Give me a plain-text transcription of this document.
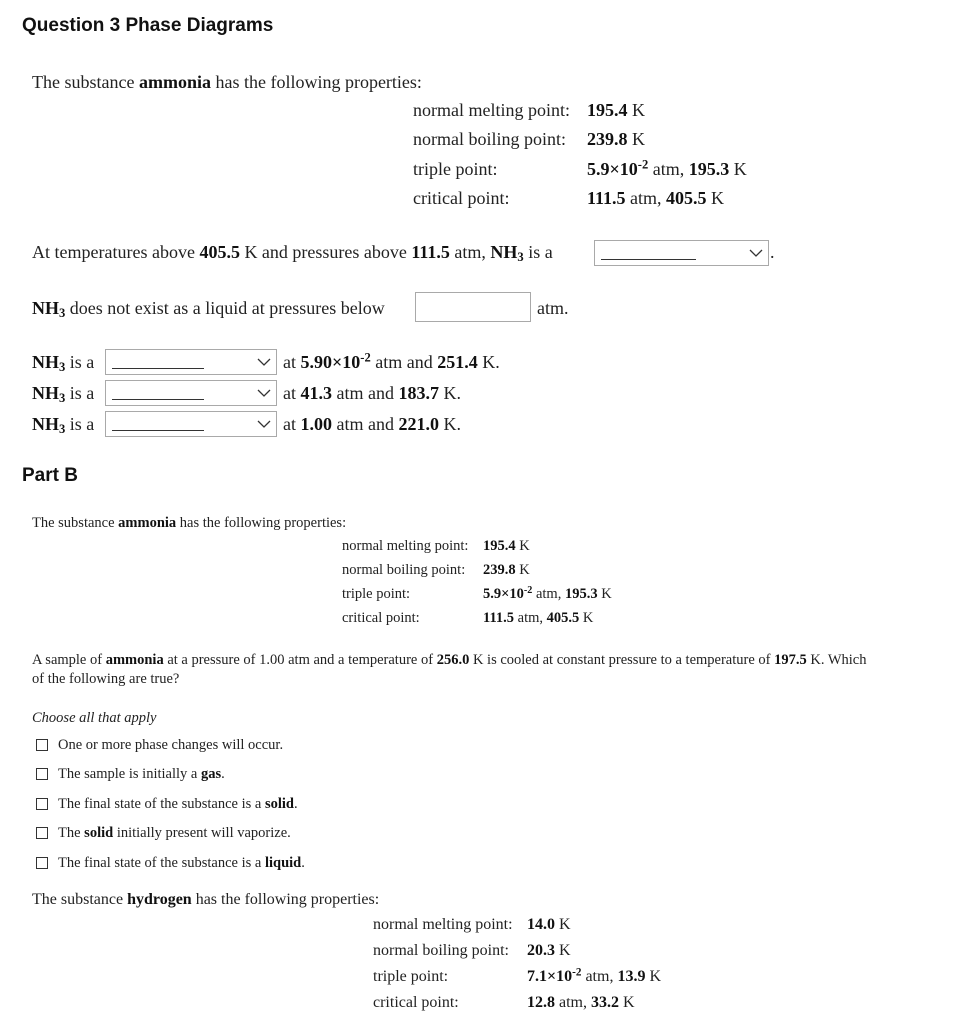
Question 3 Phase Diagrams
The substance ammonia has the following properties:
normal melting point: 195.4 K
normal boiling point: 239.8 K
triple point:	$5.9\times 10^{-2}$ atm, 195.3 K
critical point:	111.5 atm, 405.5 K
At temperatures above 405.5 K and pressures above 111.5 atm, $NH_3$ is a	.
$NH_3$ does not exist as a liquid at pressures below	atm.
$NH_3$ is a	at $5.90\times 10^{-2}$ atm and 251.4 K.
$NH_3$ is a	at 41.3 atm and 183.7 K.
$NH_3$ is a	at 1.00 atm and 221.0 K.
Part B
The substance ammonia has the following properties:
normal melting point: 195.4 K
normal boiling point: 239.8 K
triple point:	$5.9\times 10^{-2}$ atm, 195.3 K
critical point:	111.5 atm, 405.5 K
A sample of ammonia at a pressure of 1.00 atm and a temperature of 256.0 K is cooled at constant pressure to a temperature of 197.5 K. Which
of the following are true?
Choose all that apply
One or more phase changes will occur.
The sample is initially a gas.
The final state of the substance is a solid.
The solid initially present will vaporize.
The final state of the substance is a liquid.
The substance hydrogen has the following properties:
normal melting point: 14.0 K
normal boiling point: 20.3 K
triple point:	$7.1\times 10^{-2}$ atm, 13.9 K
critical point:	12.8 atm, 33.2 K
